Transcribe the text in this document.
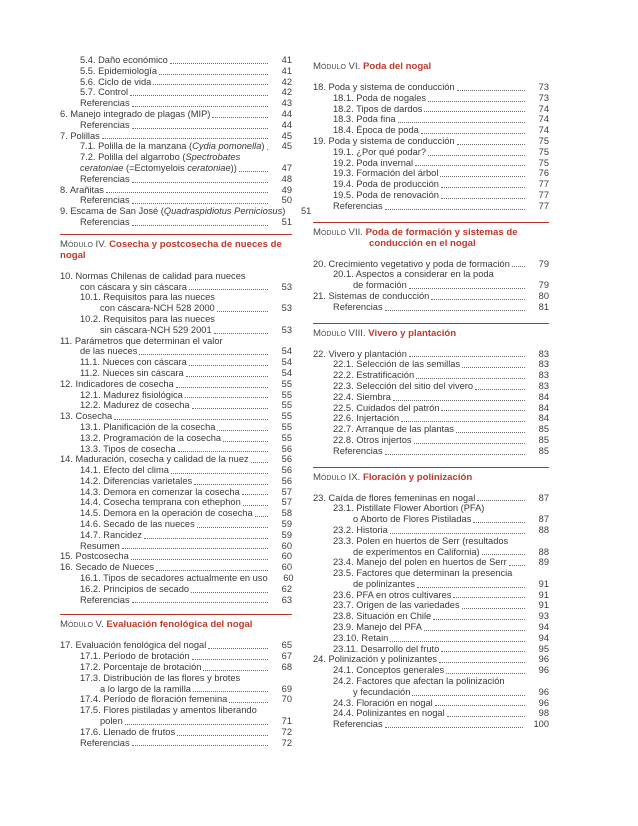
5.4. Daño económico	41
5.5. Epidemiología	41
5.6. Ciclo de vida	42
5.7. Control	42
Referencias	43
6. Manejo integrado de plagas (MIP)	44
Referencias	44
7. Polillas	45
7.1. Polilla de la manzana (Cydia pomonella)	45
7.2. Polilla del algarrobo (Spectrobates
ceratoniae (=Ectomyelois ceratoniae))	47
Referencias	48
8. Arañitas	49
Referencias	50
9. Escama de San José (Quadraspidiotus Perniciosus)	51
Referencias	51
Módulo IV. Cosecha y postcosecha de nueces de nogal
10. Normas Chilenas de calidad para nueces
con cáscara y sin cáscara	53
10.1. Requisitos para las nueces
con cáscara-NCH 528 2000	53
10.2. Requisitos para las nueces
sin cáscara-NCH 529 2001	53
11. Parámetros que determinan el valor
de las nueces	54
11.1. Nueces con cáscara	54
11.2. Nueces sin cáscara	54
12. Indicadores de cosecha	55
12.1. Madurez fisiológica	55
12.2. Madurez de cosecha	55
13. Cosecha	55
13.1. Planificación de la cosecha	55
13.2. Programación de la cosecha	55
13.3. Tipos de cosecha	56
14. Maduración, cosecha y calidad de la nuez	56
14.1. Efecto del clima	56
14.2. Diferencias varietales	56
14.3. Demora en comenzar la cosecha	57
14.4. Cosecha temprana con ethephon	57
14.5. Demora en la operación de cosecha	58
14.6. Secado de las nueces	59
14.7. Rancidez	59
Resumen	60
15. Postcosecha	60
16. Secado de Nueces	60
16.1. Tipos de secadores actualmente en uso	60
16.2. Principios de secado	62
Referencias	63
Módulo V. Evaluación fenológica del nogal
17. Evaluación fenológica del nogal	65
17.1. Período de brotación	67
17.2. Porcentaje de brotación	68
17.3. Distribución de las flores y brotes
a lo largo de la ramilla	69
17.4. Período de floración femenina	70
17.5. Flores pistiladas y amentos liberando
polen	71
17.6. Llenado de frutos	72
Referencias	72
Módulo VI. Poda del nogal
18. Poda y sistema de conducción	73
18.1. Poda de nogales	73
18.2. Tipos de dardos	74
18.3. Poda fina	74
18.4. Época de poda	74
19. Poda y sistema de conducción	75
19.1. ¿Por qué podar?	75
19.2. Poda invernal	75
19.3. Formación del árbol	76
19.4. Poda de producción	77
19.5. Poda de renovación	77
Referencias	77
Módulo VII. Poda de formación y sistemas de
conducción en el nogal
20. Crecimiento vegetativo y poda de formación	79
20.1. Aspectos a considerar en la poda
de formación	79
21. Sistemas de conducción	80
Referencias	81
Módulo VIII. Vivero y plantación
22. Vivero y plantación	83
22.1. Selección de las semillas	83
22.2. Estratificación	83
22.3. Selección del sitio del vivero	83
22.4. Siembra	84
22.5. Cuidados del patrón	84
22.6. Injertación	84
22.7. Arranque de las plantas	85
22.8. Otros injertos	85
Referencias	85
Módulo IX. Floración y polinización
23. Caída de flores femeninas en nogal	87
23.1. Pistillate Flower Abortion (PFA)
o Aborto de Flores Pistiladas	87
23.2. Historia	88
23.3. Polen en huertos de Serr (resultados
de experimentos en California)	88
23.4. Manejo del polen en huertos de Serr	89
23.5. Factores que determinan la presencia
de polinizantes	91
23.6. PFA en otros cultivares	91
23.7. Origen de las variedades	91
23.8. Situación en Chile	93
23.9. Manejo del PFA	94
23.10. Retain	94
23.11. Desarrollo del fruto	95
24. Polinización y polinizantes	96
24.1. Conceptos generales	96
24.2. Factores que afectan la polinización
y fecundación	96
24.3. Floración en nogal	96
24.4. Polinizantes en nogal	98
Referencias	100
